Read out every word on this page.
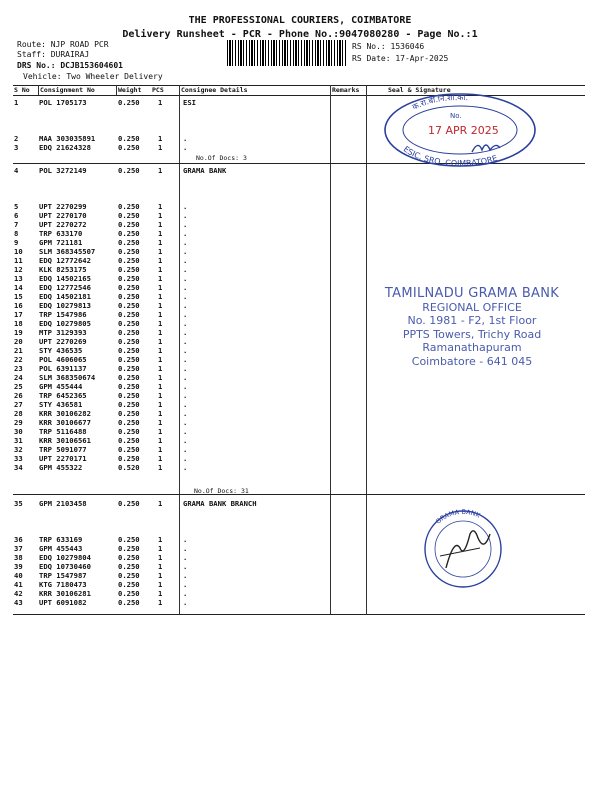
THE PROFESSIONAL COURIERS, COIMBATORE
Delivery Runsheet - PCR - Phone No.:9047080280 - Page No.:1
Route: NJP ROAD PCR
Staff: DURAIRAJ
DRS No.: DCJB153604601
Vehicle: Two Wheeler Delivery
RS No.: 1536046
RS Date: 17-Apr-2025
S No Consignment No	Weight PCS	Consignee Details	Remarks	Seal & Signature
No.Of Docs: 3
No.Of Docs: 31
1	POL 1705173	0.250	1	ESI
2	MAA 303035891	0.250	1	.
3	EDQ 21624328	0.250	1	.
4	POL 3272149	0.250	1	GRAMA BANK
5	UPT 2270299	0.250	1	.
6	UPT 2270170	0.250	1	.
7	UPT 2270272	0.250	1	.
8	TRP 633170	0.250	1	.
9	GPM 721181	0.250	1	.
10 SLM 368345507	0.250	1	.
11 EDQ 12772642	0.250	1	.
12 KLK 8253175	0.250	1	.
13 EDQ 14502165	0.250	1	.
14 EDQ 12772546	0.250	1	.
15 EDQ 14502181	0.250	1	.
16 EDQ 10279813	0.250	1	.
17 TRP 1547986	0.250	1	.
18 EDQ 10279805	0.250	1	.
19 MTP 3129393	0.250	1	.
20 UPT 2270269	0.250	1	.
21 STY 436535	0.250	1	.
22 POL 4606065	0.250	1	.
23 POL 6391137	0.250	1	.
24 SLM 368350674	0.250	1	.
25 GPM 455444	0.250	1	.
26 TRP 6452365	0.250	1	.
27 STY 436581	0.250	1	.
28 KRR 30106282	0.250	1	.
29 KRR 30106677	0.250	1	.
30 TRP 5116488	0.250	1	.
31 KRR 30106561	0.250	1	.
32 TRP 5091077	0.250	1	.
33 UPT 2270171	0.250	1	.
34 GPM 455322	0.520	1	.
35 GPM 2103458	0.250	1	GRAMA BANK BRANCH
36 TRP 633169	0.250	1	.
37 GPM 455443	0.250	1	.
38 EDQ 10279804	0.250	1	.
39 EDQ 10730460	0.250	1	.
40 TRP 1547987	0.250	1	.
41 KTG 7180473	0.250	1	.
42 KRR 30106281	0.250	1	.
43 UPT 6091082	0.250	1	.
क.रा.बी.नि.शा.का.
ESIC, SRO, COIMBATORE
No.
17 APR 2025
TAMILNADU GRAMA BANK
REGIONAL OFFICE
No. 1981 - F2, 1st Floor
PPTS Towers, Trichy Road
Ramanathapuram
Coimbatore - 641 045
GRAMA BANK
